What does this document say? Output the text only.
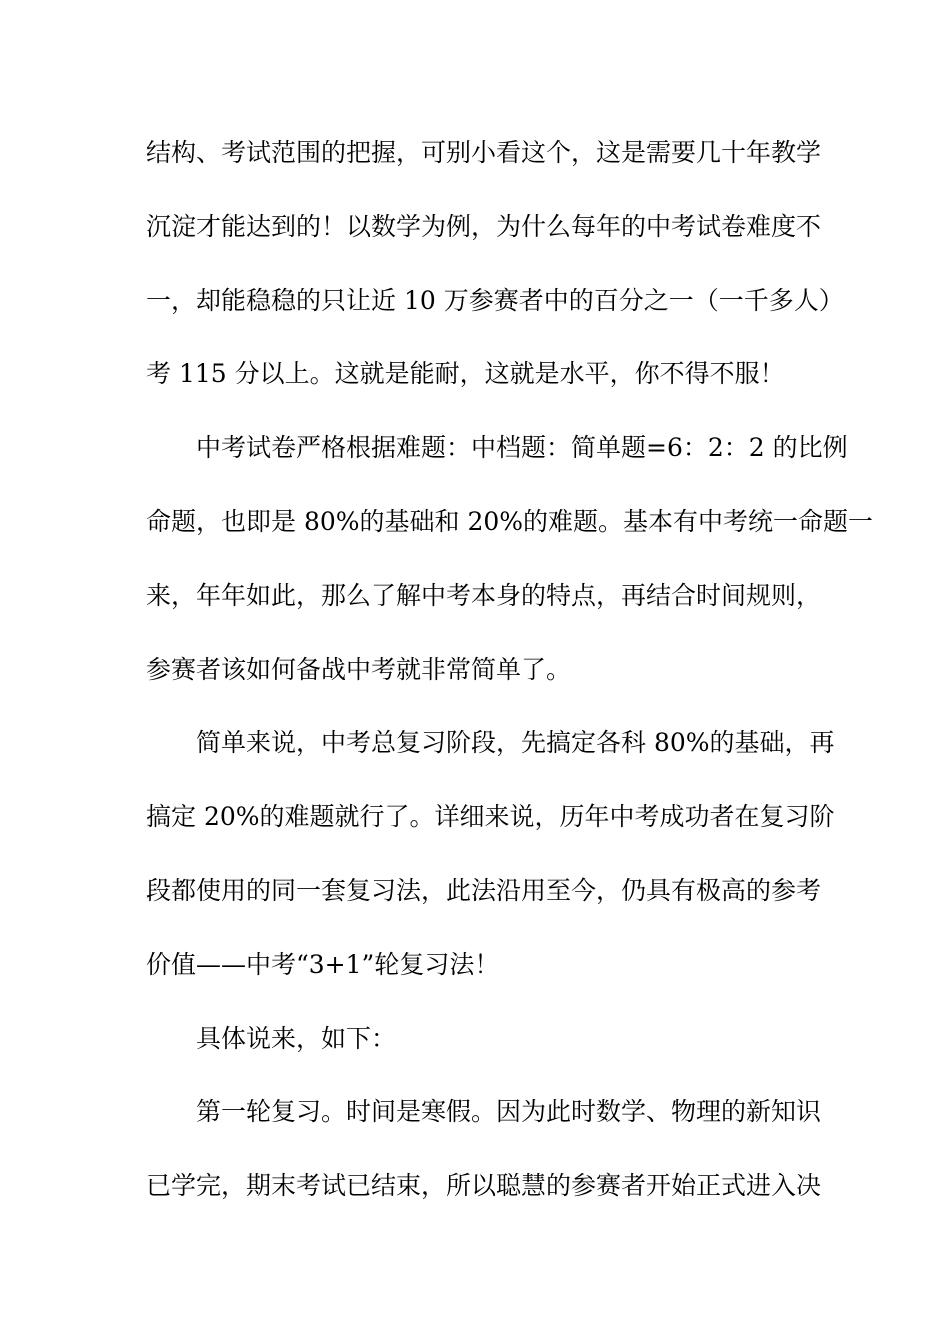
结构、考试范围的把握，可别小看这个，这是需要几十年教学
沉淀才能达到的！以数学为例，为什么每年的中考试卷难度不
一，却能稳稳的只让近 10 万参赛者中的百分之一（一千多人）
考 115 分以上。这就是能耐，这就是水平，你不得不服！
中考试卷严格根据难题：中档题：简单题=6：2：2 的比例
命题，也即是 80%的基础和 20%的难题。基本有中考统一命题一
来，年年如此，那么了解中考本身的特点，再结合时间规则，
参赛者该如何备战中考就非常简单了。
简单来说，中考总复习阶段，先搞定各科 80%的基础，再
搞定 20%的难题就行了。详细来说，历年中考成功者在复习阶
段都使用的同一套复习法，此法沿用至今，仍具有极高的参考
价值——中考“3+1”轮复习法！
具体说来，如下：
第一轮复习。时间是寒假。因为此时数学、物理的新知识
已学完，期末考试已结束，所以聪慧的参赛者开始正式进入决
